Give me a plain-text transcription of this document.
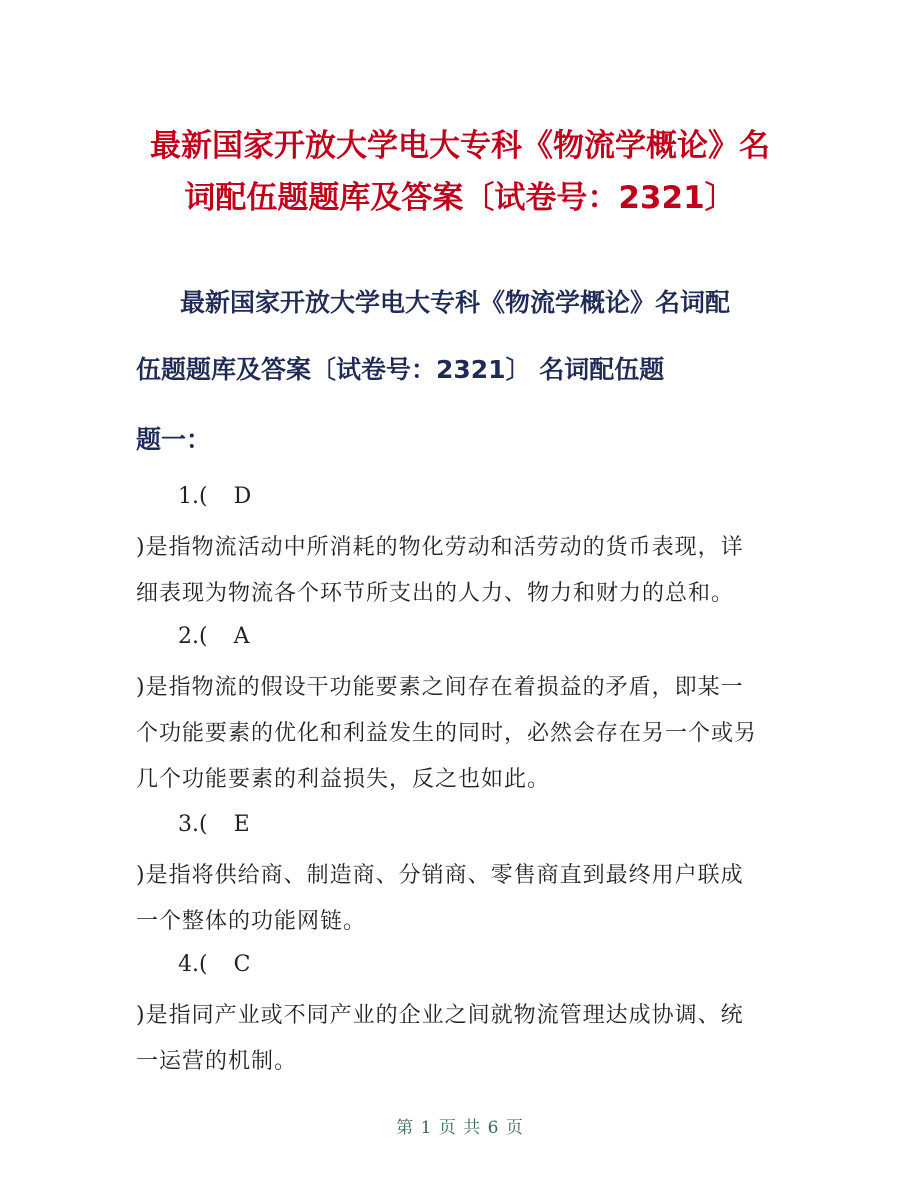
最新国家开放大学电大专科《物流学概论》名
词配伍题题库及答案〔试卷号：2321〕
最新国家开放大学电大专科《物流学概论》名词配
伍题题库及答案〔试卷号：2321〕 名词配伍题
题一：
1.( D
)是指物流活动中所消耗的物化劳动和活劳动的货币表现，详
细表现为物流各个环节所支出的人力、物力和财力的总和。
2.( A
)是指物流的假设干功能要素之间存在着损益的矛盾，即某一
个功能要素的优化和利益发生的同时，必然会存在另一个或另
几个功能要素的利益损失，反之也如此。
3.( E
)是指将供给商、制造商、分销商、零售商直到最终用户联成
一个整体的功能网链。
4.( C
)是指同产业或不同产业的企业之间就物流管理达成协调、统
一运营的机制。
第 1 页 共 6 页
